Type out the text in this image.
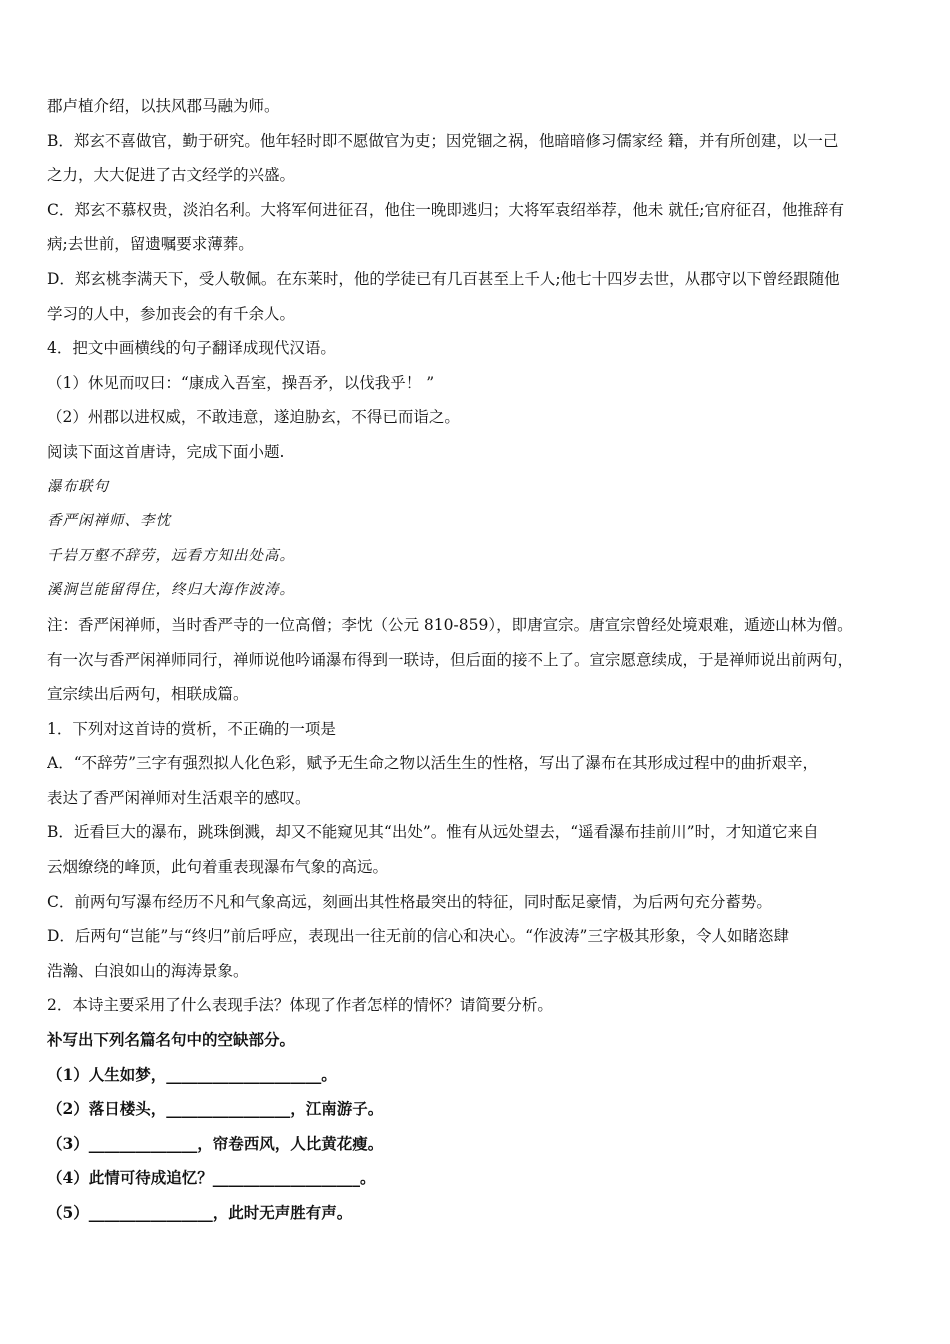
郡卢植介绍，以扶风郡马融为师。
B．郑玄不喜做官，勤于研究。他年轻时即不愿做官为吏；因党锢之祸，他暗暗修习儒家经 籍，并有所创建，以一己
之力，大大促进了古文经学的兴盛。
C．郑玄不慕权贵，淡泊名利。大将军何进征召，他住一晚即逃归；大将军袁绍举荐，他未 就任;官府征召，他推辞有
病;去世前，留遗嘱要求薄葬。
D．郑玄桃李满天下，受人敬佩。在东莱时，他的学徒已有几百甚至上千人;他七十四岁去世，从郡守以下曾经跟随他
学习的人中，参加丧会的有千余人。
4．把文中画横线的句子翻译成现代汉语。
（1）休见而叹曰：“康成入吾室，操吾矛，以伐我乎！ ”
（2）州郡以进权威，不敢违意，遂迫胁玄，不得已而诣之。
阅读下面这首唐诗，完成下面小题.
瀑布联句
香严闲禅师、李忱
千岩万壑不辞劳，远看方知出处高。
溪涧岂能留得住，终归大海作波涛。
注：香严闲禅师，当时香严寺的一位高僧；李忱（公元 810-859），即唐宣宗。唐宣宗曾经处境艰难，遁迹山林为僧。
有一次与香严闲禅师同行，禅师说他吟诵瀑布得到一联诗，但后面的接不上了。宣宗愿意续成，于是禅师说出前两句，
宣宗续出后两句，相联成篇。
1．下列对这首诗的赏析，不正确的一项是
A．“不辞劳”三字有强烈拟人化色彩，赋予无生命之物以活生生的性格，写出了瀑布在其形成过程中的曲折艰辛，
表达了香严闲禅师对生活艰辛的感叹。
B．近看巨大的瀑布，跳珠倒溅，却又不能窥见其“出处”。惟有从远处望去，“遥看瀑布挂前川”时，才知道它来自
云烟缭绕的峰顶，此句着重表现瀑布气象的高远。
C．前两句写瀑布经历不凡和气象高远，刻画出其性格最突出的特征，同时酝足豪情，为后两句充分蓄势。
D．后两句“岂能”与“终归”前后呼应，表现出一往无前的信心和决心。“作波涛”三字极其形象，令人如睹恣肆
浩瀚、白浪如山的海涛景象。
2．本诗主要采用了什么表现手法？体现了作者怎样的情怀？请简要分析。
补写出下列名篇名句中的空缺部分。
（1）人生如梦，____________________。
（2）落日楼头，________________，江南游子。
（3）______________，帘卷西风，人比黄花瘦。
（4）此情可待成追忆？___________________。
（5）________________，此时无声胜有声。
